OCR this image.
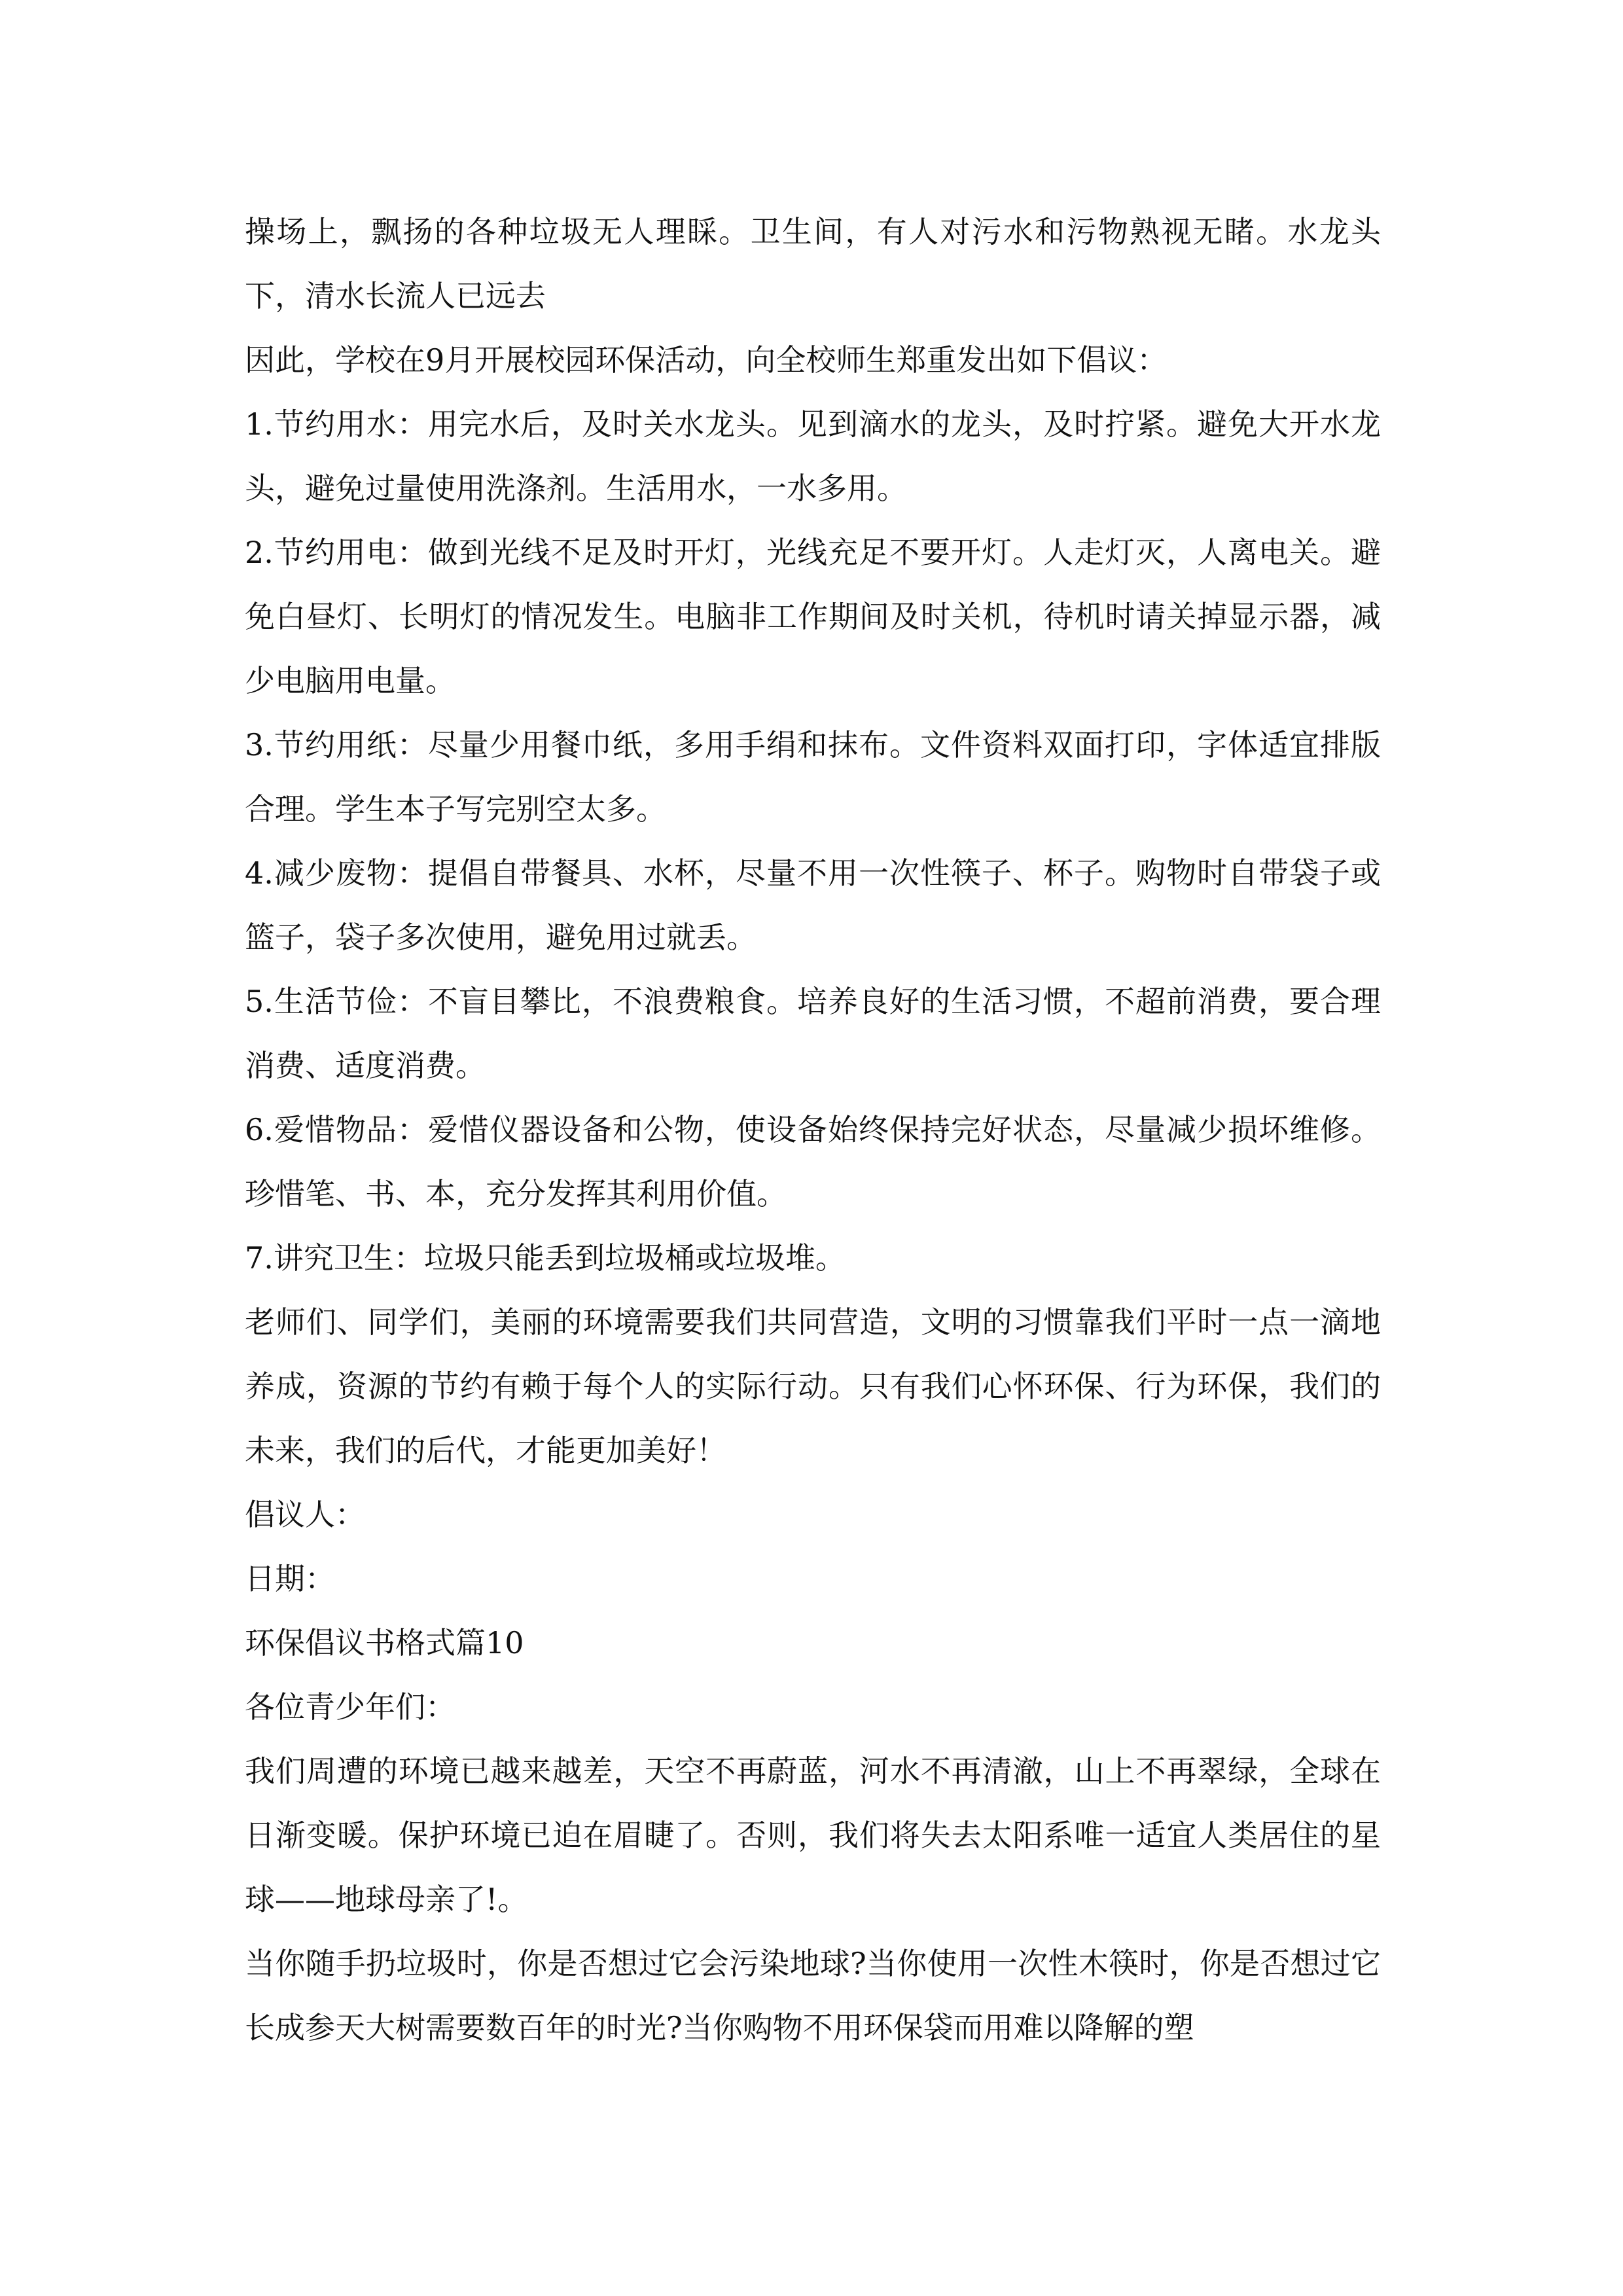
操场上，飘扬的各种垃圾无人理睬。卫生间，有人对污水和污物熟视无睹。水龙头下，清水长流人已远去

因此，学校在9月开展校园环保活动，向全校师生郑重发出如下倡议：

1.节约用水：用完水后，及时关水龙头。见到滴水的龙头，及时拧紧。避免大开水龙头，避免过量使用洗涤剂。生活用水，一水多用。

2.节约用电：做到光线不足及时开灯，光线充足不要开灯。人走灯灭，人离电关。避免白昼灯、长明灯的情况发生。电脑非工作期间及时关机，待机时请关掉显示器，减少电脑用电量。

3.节约用纸：尽量少用餐巾纸，多用手绢和抹布。文件资料双面打印，字体适宜排版合理。学生本子写完别空太多。

4.减少废物：提倡自带餐具、水杯，尽量不用一次性筷子、杯子。购物时自带袋子或篮子，袋子多次使用，避免用过就丢。

5.生活节俭：不盲目攀比，不浪费粮食。培养良好的生活习惯，不超前消费，要合理消费、适度消费。

6.爱惜物品：爱惜仪器设备和公物，使设备始终保持完好状态，尽量减少损坏维修。珍惜笔、书、本，充分发挥其利用价值。

7.讲究卫生：垃圾只能丢到垃圾桶或垃圾堆。

老师们、同学们，美丽的环境需要我们共同营造，文明的习惯靠我们平时一点一滴地养成，资源的节约有赖于每个人的实际行动。只有我们心怀环保、行为环保，我们的未来，我们的后代，才能更加美好！

倡议人：

日期：

环保倡议书格式篇10

各位青少年们：

我们周遭的环境已越来越差，天空不再蔚蓝，河水不再清澈，山上不再翠绿，全球在日渐变暖。保护环境已迫在眉睫了。否则，我们将失去太阳系唯一适宜人类居住的星球——地球母亲了!。

当你随手扔垃圾时，你是否想过它会污染地球?当你使用一次性木筷时，你是否想过它长成参天大树需要数百年的时光?当你购物不用环保袋而用难以降解的塑
